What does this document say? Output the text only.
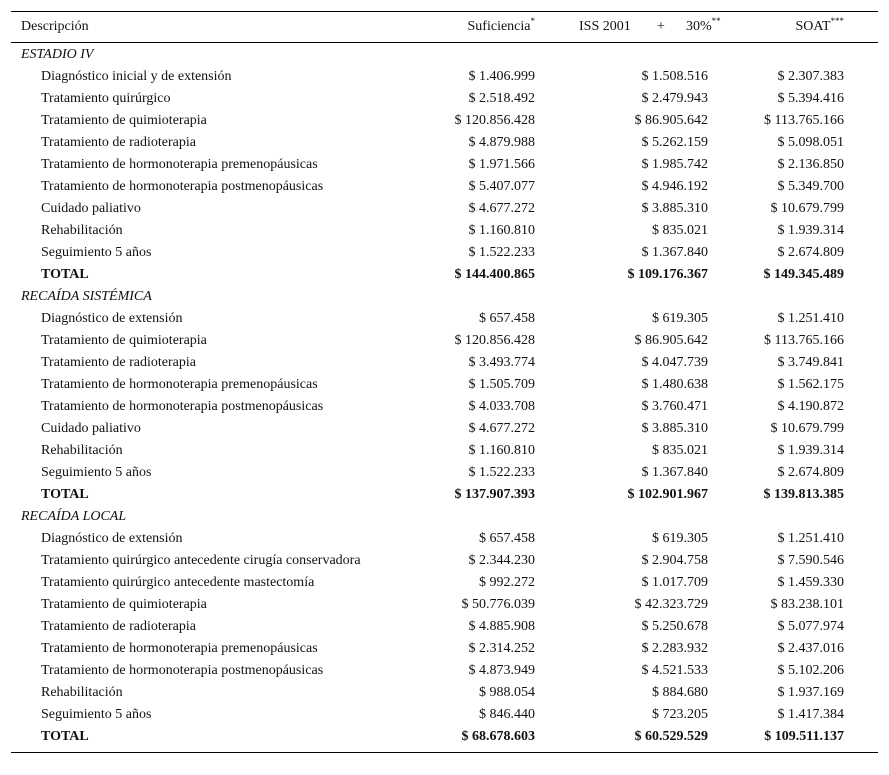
Descripción	Suficiencia*	ISS 2001 + 30%**	SOAT***
ESTADIO IV
Diagnóstico inicial y de extensión	$ 1.406.999	$ 1.508.516	$ 2.307.383
Tratamiento quirúrgico	$ 2.518.492	$ 2.479.943	$ 5.394.416
Tratamiento de quimioterapia	$ 120.856.428	$ 86.905.642	$ 113.765.166
Tratamiento de radioterapia	$ 4.879.988	$ 5.262.159	$ 5.098.051
Tratamiento de hormonoterapia premenopáusicas	$ 1.971.566	$ 1.985.742	$ 2.136.850
Tratamiento de hormonoterapia postmenopáusicas	$ 5.407.077	$ 4.946.192	$ 5.349.700
Cuidado paliativo	$ 4.677.272	$ 3.885.310	$ 10.679.799
Rehabilitación	$ 1.160.810	$ 835.021	$ 1.939.314
Seguimiento 5 años	$ 1.522.233	$ 1.367.840	$ 2.674.809
TOTAL	$ 144.400.865	$ 109.176.367	$ 149.345.489
RECAÍDA SISTÉMICA
Diagnóstico de extensión	$ 657.458	$ 619.305	$ 1.251.410
Tratamiento de quimioterapia	$ 120.856.428	$ 86.905.642	$ 113.765.166
Tratamiento de radioterapia	$ 3.493.774	$ 4.047.739	$ 3.749.841
Tratamiento de hormonoterapia premenopáusicas	$ 1.505.709	$ 1.480.638	$ 1.562.175
Tratamiento de hormonoterapia postmenopáusicas	$ 4.033.708	$ 3.760.471	$ 4.190.872
Cuidado paliativo	$ 4.677.272	$ 3.885.310	$ 10.679.799
Rehabilitación	$ 1.160.810	$ 835.021	$ 1.939.314
Seguimiento 5 años	$ 1.522.233	$ 1.367.840	$ 2.674.809
TOTAL	$ 137.907.393	$ 102.901.967	$ 139.813.385
RECAÍDA LOCAL
Diagnóstico de extensión	$ 657.458	$ 619.305	$ 1.251.410
Tratamiento quirúrgico antecedente cirugía conservadora	$ 2.344.230	$ 2.904.758	$ 7.590.546
Tratamiento quirúrgico antecedente mastectomía	$ 992.272	$ 1.017.709	$ 1.459.330
Tratamiento de quimioterapia	$ 50.776.039	$ 42.323.729	$ 83.238.101
Tratamiento de radioterapia	$ 4.885.908	$ 5.250.678	$ 5.077.974
Tratamiento de hormonoterapia premenopáusicas	$ 2.314.252	$ 2.283.932	$ 2.437.016
Tratamiento de hormonoterapia postmenopáusicas	$ 4.873.949	$ 4.521.533	$ 5.102.206
Rehabilitación	$ 988.054	$ 884.680	$ 1.937.169
Seguimiento 5 años	$ 846.440	$ 723.205	$ 1.417.384
TOTAL	$ 68.678.603	$ 60.529.529	$ 109.511.137
